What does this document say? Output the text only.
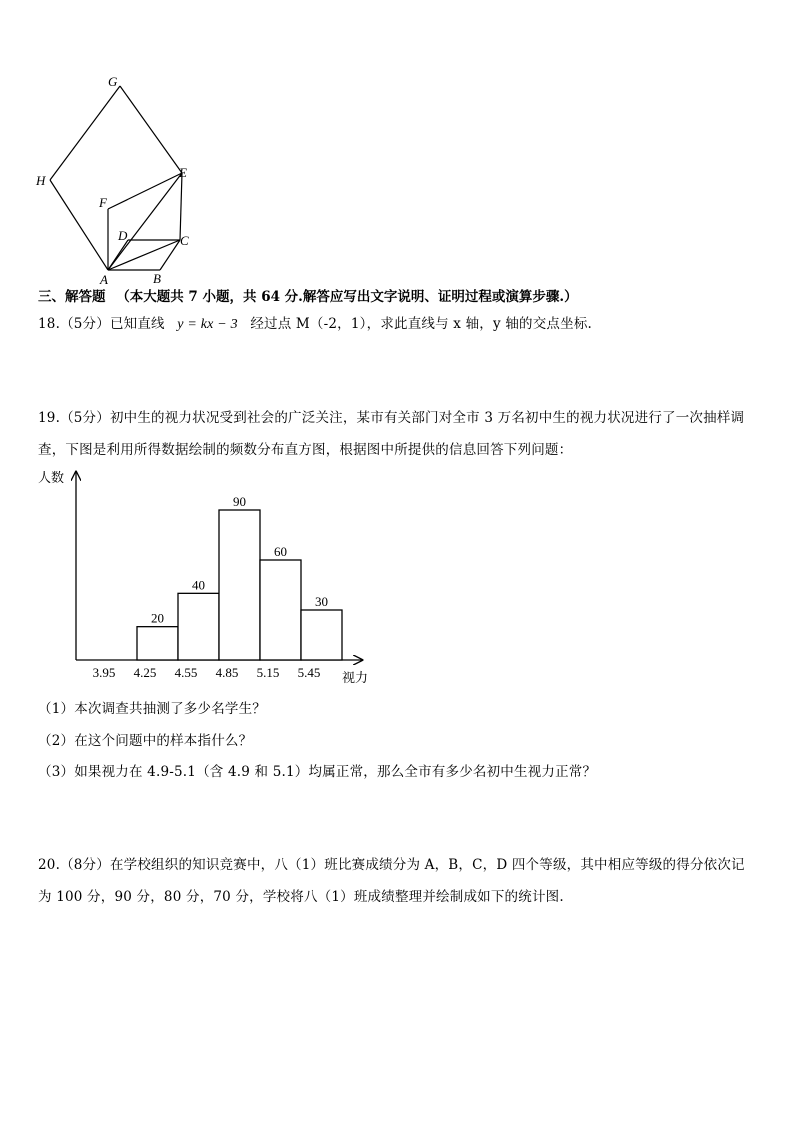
G
H
E
F
D	C
A	B
三、解答题 （本大题共 7 小题，共 64 分.解答应写出文字说明、证明过程或演算步骤.）
18.（5分）已知直线 y = kx − 3 经过点 M（-2，1），求此直线与 x 轴，y 轴的交点坐标.
19.（5分）初中生的视力状况受到社会的广泛关注，某市有关部门对全市 3 万名初中生的视力状况进行了一次抽样调
查，下图是利用所得数据绘制的频数分布直方图，根据图中所提供的信息回答下列问题：
人数
视力
20
40
90
60
30
3.95 4.25 4.55 4.85 5.15 5.45
（1）本次调查共抽测了多少名学生？
（2）在这个问题中的样本指什么？
（3）如果视力在 4.9-5.1（含 4.9 和 5.1）均属正常，那么全市有多少名初中生视力正常？
20.（8分）在学校组织的知识竞赛中，八（1）班比赛成绩分为 A，B，C，D 四个等级，其中相应等级的得分依次记
为 100 分，90 分，80 分，70 分，学校将八（1）班成绩整理并绘制成如下的统计图.
